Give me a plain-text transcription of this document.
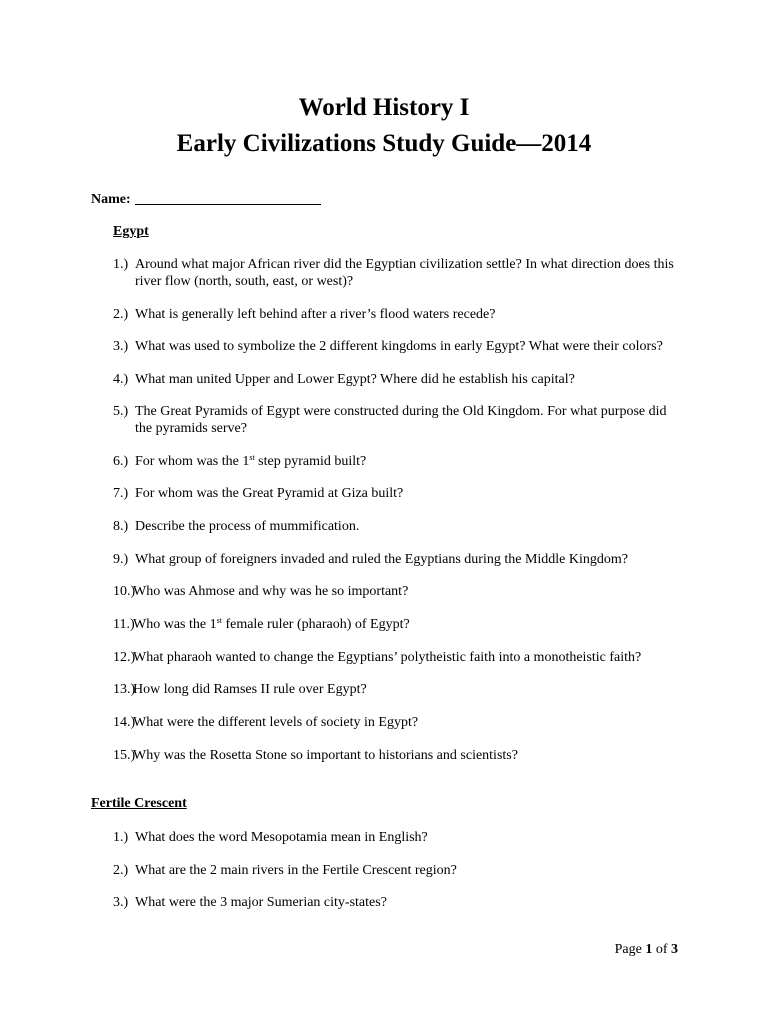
World History I
Early Civilizations Study Guide—2014
Name:
Egypt
1.) Around what major African river did the Egyptian civilization settle? In what direction does this river flow (north, south, east, or west)?
2.) What is generally left behind after a river’s flood waters recede?
3.) What was used to symbolize the 2 different kingdoms in early Egypt? What were their colors?
4.) What man united Upper and Lower Egypt? Where did he establish his capital?
5.) The Great Pyramids of Egypt were constructed during the Old Kingdom. For what purpose did the pyramids serve?
6.) For whom was the 1st step pyramid built?
7.) For whom was the Great Pyramid at Giza built?
8.) Describe the process of mummification.
9.) What group of foreigners invaded and ruled the Egyptians during the Middle Kingdom?
10.)
Who was Ahmose and why was he so important?
11.)
Who was the 1st female ruler (pharaoh) of Egypt?
12.)
What pharaoh wanted to change the Egyptians’ polytheistic faith into a monotheistic faith?
13.)
How long did Ramses II rule over Egypt?
14.)
What were the different levels of society in Egypt?
15.)
Why was the Rosetta Stone so important to historians and scientists?
Fertile Crescent
1.) What does the word Mesopotamia mean in English?
2.) What are the 2 main rivers in the Fertile Crescent region?
3.) What were the 3 major Sumerian city-states?
Page 1 of 3
